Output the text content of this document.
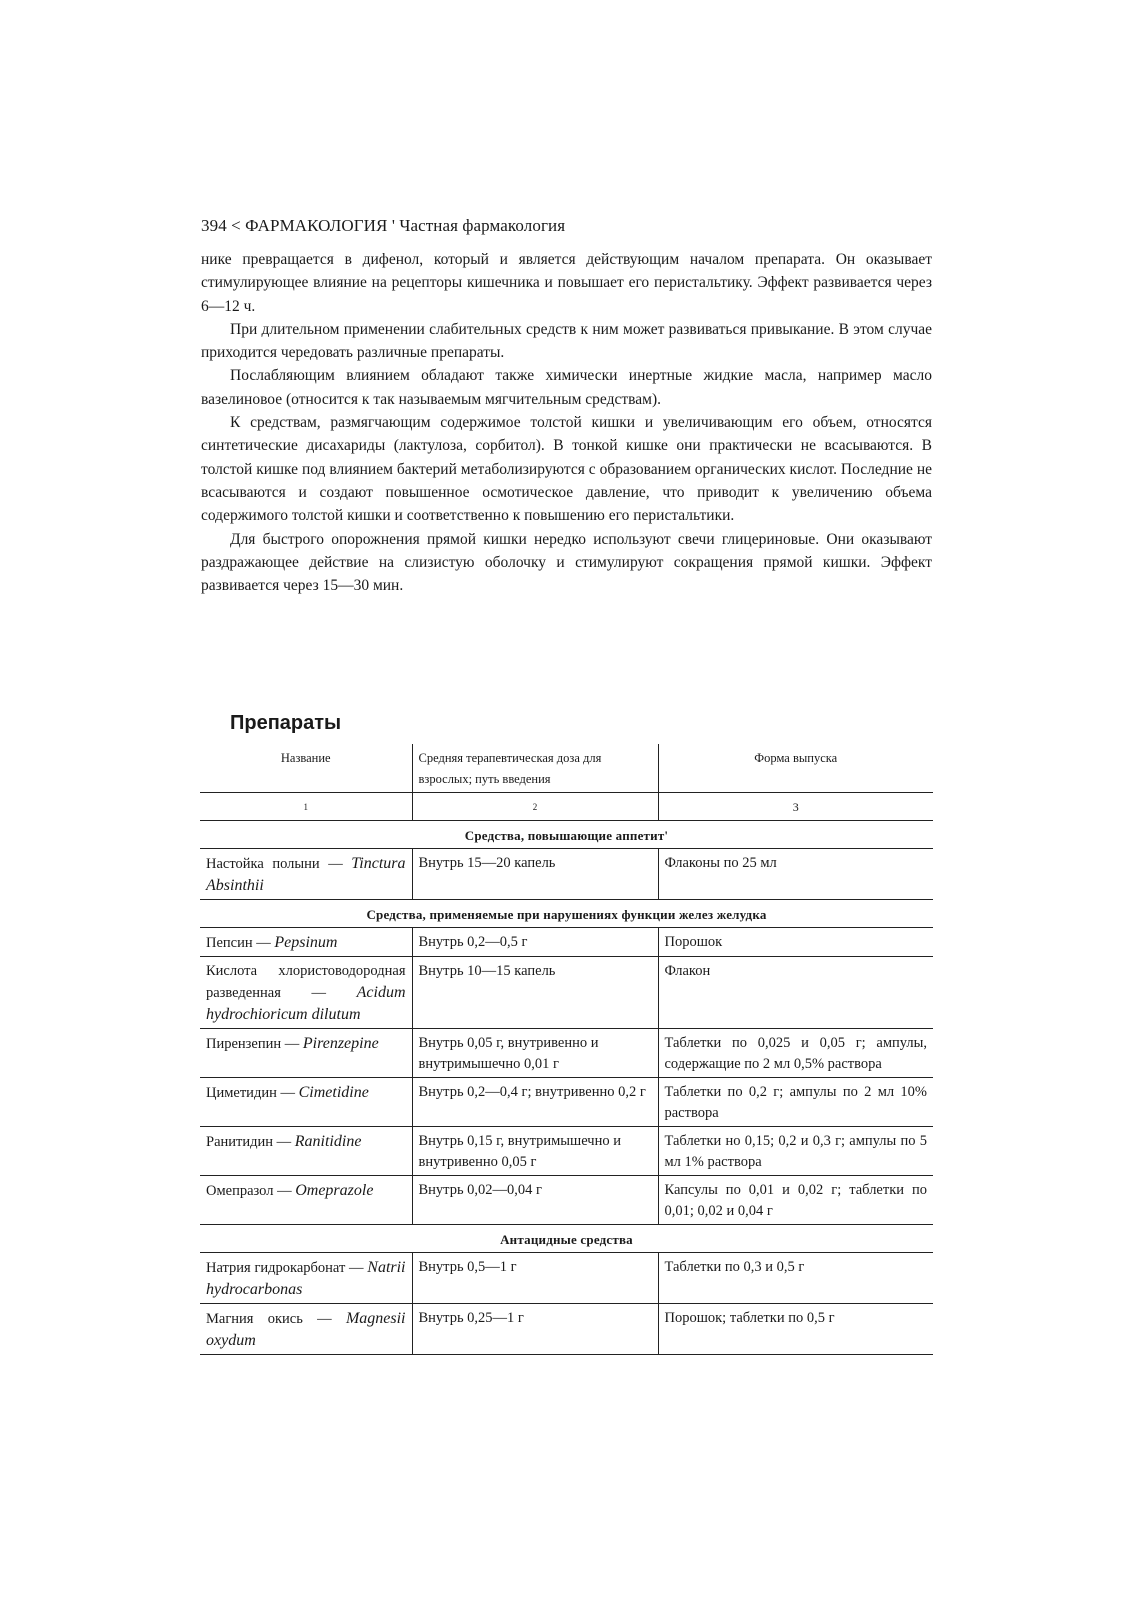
394 < ФАРМАКОЛОГИЯ ' Частная фармакология

нике превращается в дифенол, который и является действующим началом препарата. Он оказывает стимулирующее влияние на рецепторы кишечника и повышает его перистальтику. Эффект развивается через 6—12 ч.

При длительном применении слабительных средств к ним может развиваться привыкание. В этом случае приходится чередовать различные препараты.

Послабляющим влиянием обладают также химически инертные жидкие масла, например масло вазелиновое (относится к так называемым мягчительным средствам).

К средствам, размягчающим содержимое толстой кишки и увеличивающим его объем, относятся синтетические дисахариды (лактулоза, сорбитол). В тонкой кишке они практически не всасываются. В толстой кишке под влиянием бактерий метаболизируются с образованием органических кислот. Последние не всасываются и создают повышенное осмотическое давление, что приводит к увеличению объема содержимого толстой кишки и соответственно к повышению его перистальтики.

Для быстрого опорожнения прямой кишки нередко используют свечи глицериновые. Они оказывают раздражающее действие на слизистую оболочку и стимулируют сокращения прямой кишки. Эффект развивается через 15—30 мин.

Препараты
Название	Средняя терапевтическая доза для взрослых; путь введения	Форма выпуска
1	2	3
Средства, повышающие аппетит'		
Настойка полыни — Tinctura Absinthii	Внутрь 15—20 капель	Флаконы по 25 мл
Средства, применяемые при нарушениях функции желез желудка		
Пепсин — Pepsinum	Внутрь 0,2—0,5 г	Порошок
Кислота хлористоводородная разведенная — Acidum hydrochioricum dilutum	Внутрь 10—15 капель	Флакон
Пирензепин — Pirenzepine	Внутрь 0,05 г, внутривенно и внутримышечно 0,01 г	Таблетки по 0,025 и 0,05 г; ампулы, содержащие по 2 мл 0,5% раствора
Циметидин — Cimetidine	Внутрь 0,2—0,4 г; внутривенно 0,2 г	Таблетки по 0,2 г; ампулы по 2 мл 10% раствора
Ранитидин — Ranitidine	Внутрь 0,15 г, внутримышечно и внутривенно 0,05 г	Таблетки но 0,15; 0,2 и 0,3 г; ампулы по 5 мл 1% раствора
Омепразол — Omeprazole	Внутрь 0,02—0,04 г	Капсулы по 0,01 и 0,02 г; таблетки по 0,01; 0,02 и 0,04 г
Антацидные средства		
Натрия гидрокарбонат — Natrii hydrocarbonas	Внутрь 0,5—1 г	Таблетки по 0,3 и 0,5 г
Магния окись — Magnesii oxydum	Внутрь 0,25—1 г	Порошок; таблетки по 0,5 г
